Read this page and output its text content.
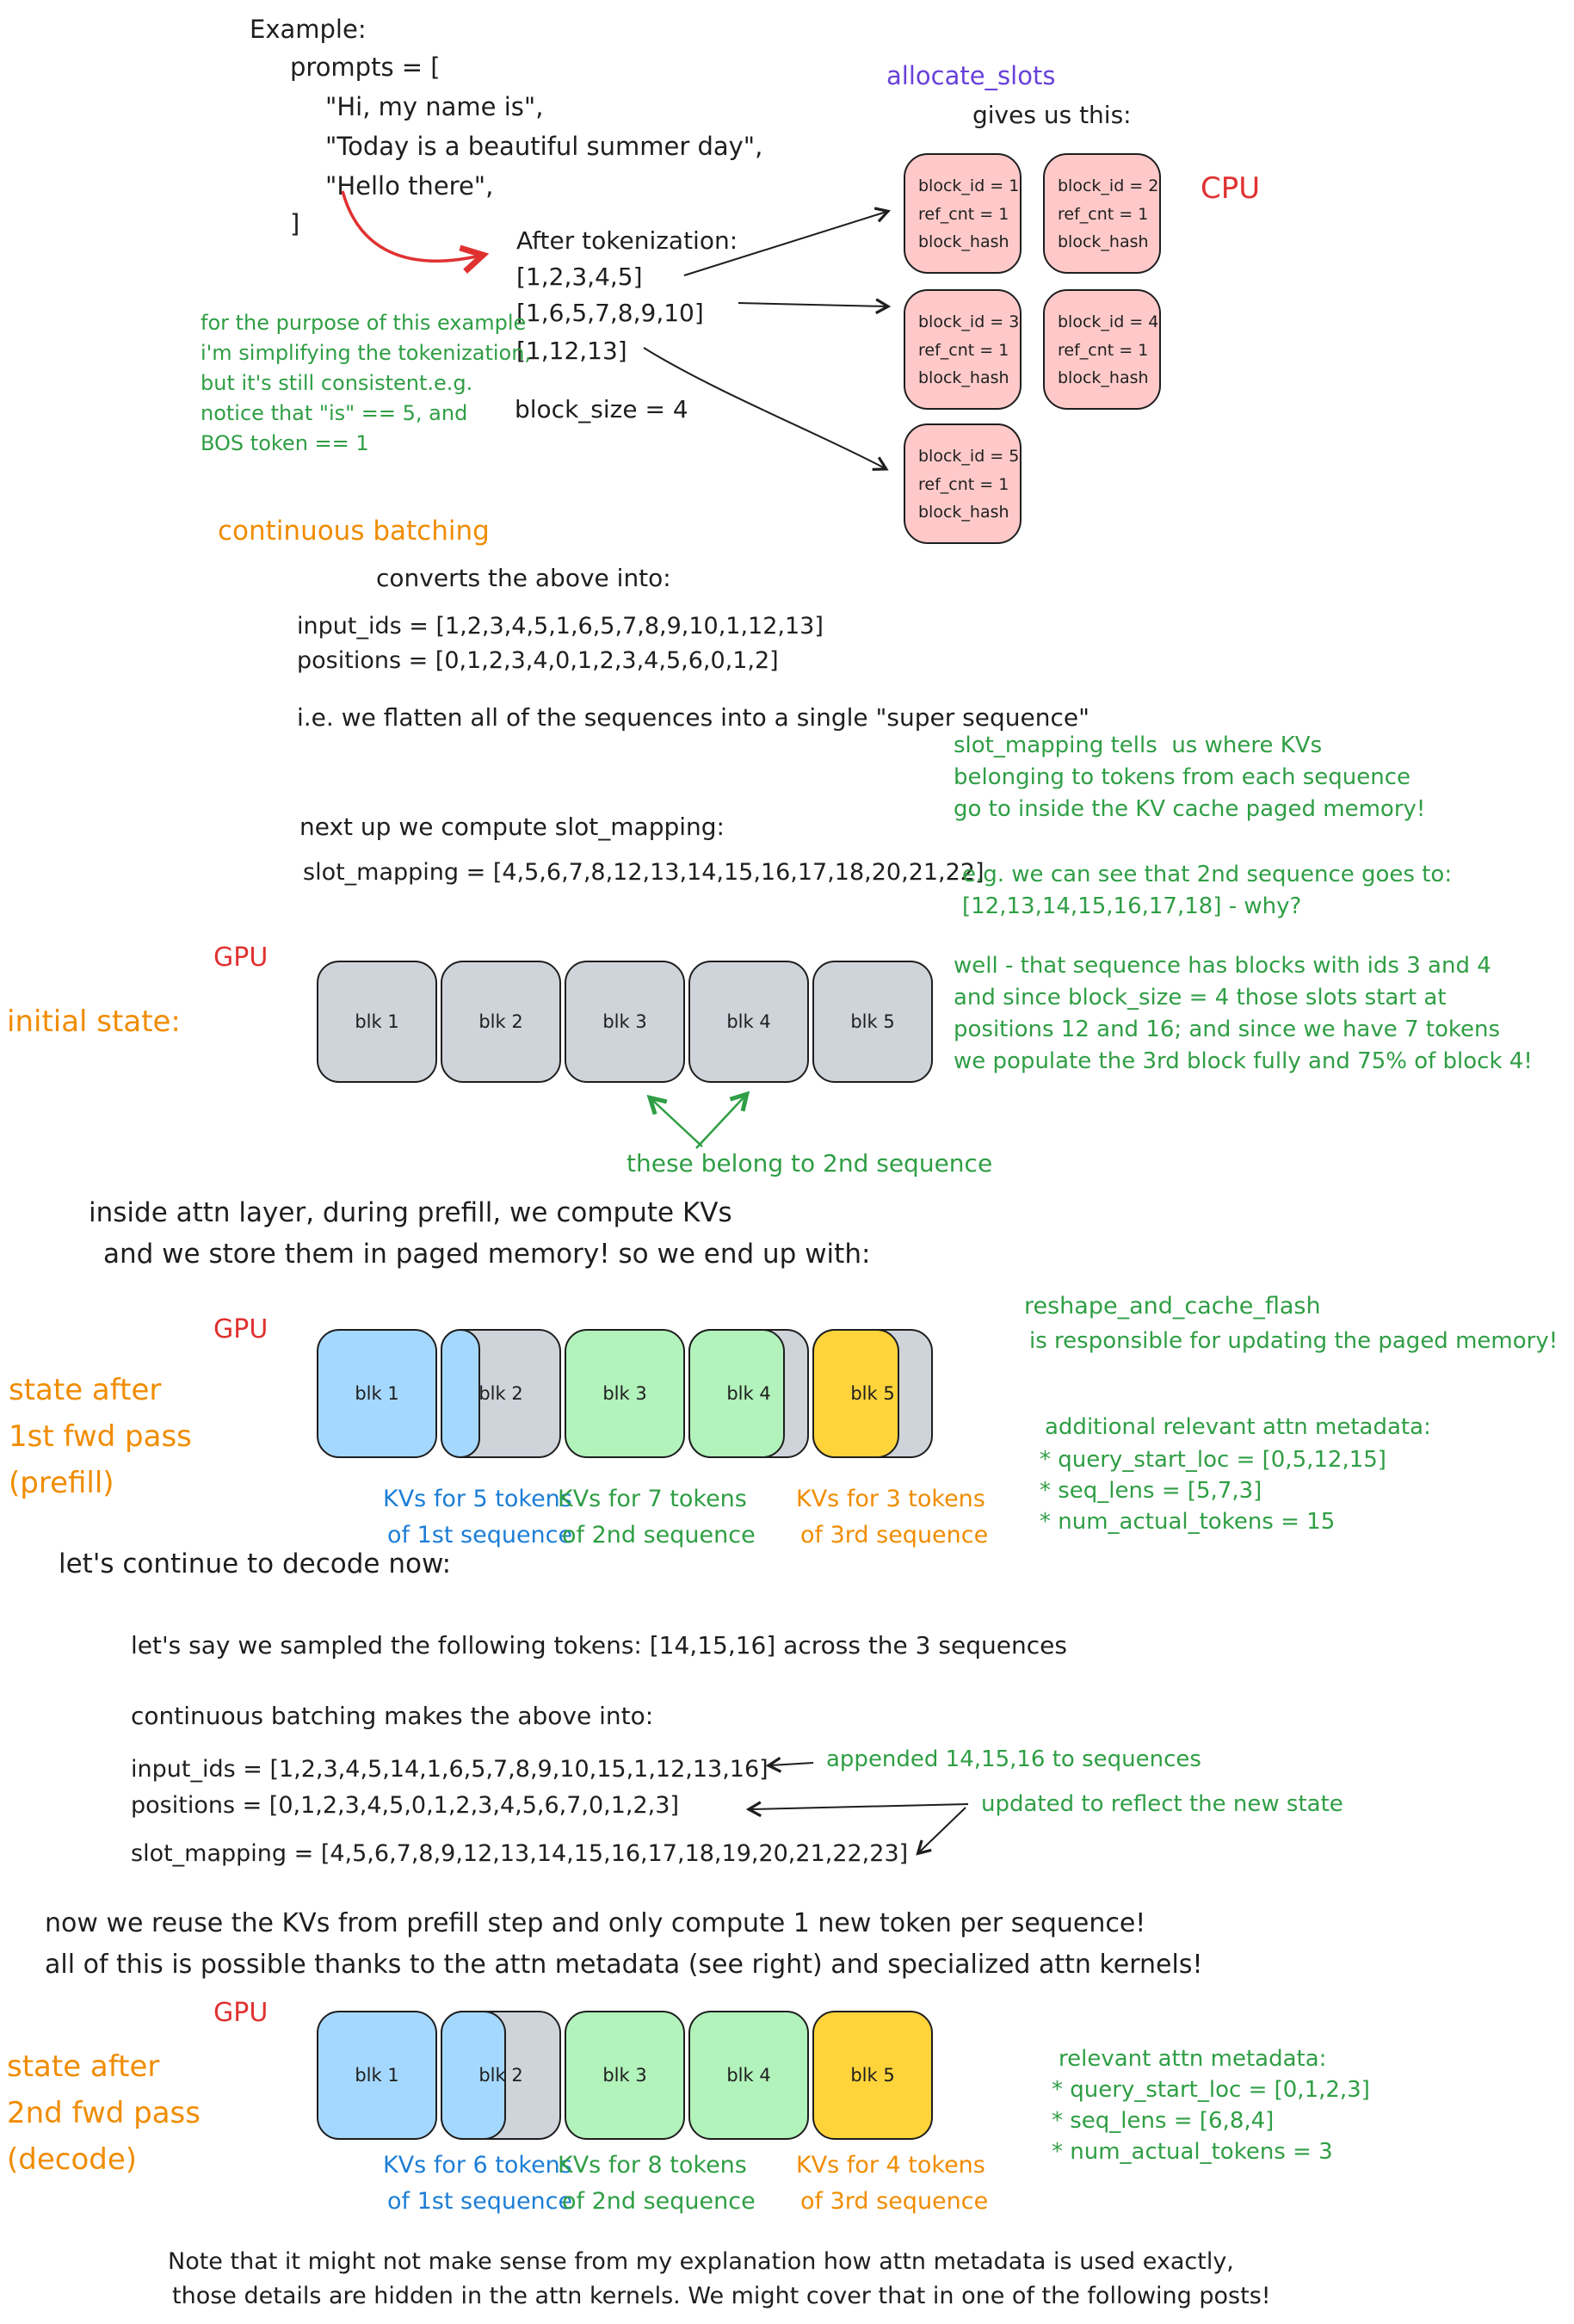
Example:
prompts = [
"Hi, my name is",
"Today is a beautiful summer day",
"Hello there",
]
allocate_slots
gives us this:
CPU
block_id = 1
ref_cnt = 1
block_hash
block_id = 2
ref_cnt = 1
block_hash
block_id = 3
ref_cnt = 1
block_hash
block_id = 4
ref_cnt = 1
block_hash
block_id = 5
ref_cnt = 1
block_hash
After tokenization:
[1,2,3,4,5]
[1,6,5,7,8,9,10]
[1,12,13]
block_size = 4
for the purpose of this example
i'm simplifying the tokenization,
but it's still consistent.e.g.
notice that "is" == 5, and
BOS token == 1
continuous batching
converts the above into:
input_ids = [1,2,3,4,5,1,6,5,7,8,9,10,1,12,13]
positions = [0,1,2,3,4,0,1,2,3,4,5,6,0,1,2]
i.e. we flatten all of the sequences into a single "super sequence"
slot_mapping tells  us where KVs
belonging to tokens from each sequence
go to inside the KV cache paged memory!
next up we compute slot_mapping:
slot_mapping = [4,5,6,7,8,12,13,14,15,16,17,18,20,21,22]
e.g. we can see that 2nd sequence goes to:
[12,13,14,15,16,17,18] - why?
GPU
initial state:	blk 1	blk 2	blk 3	blk 4	blk 5
well - that sequence has blocks with ids 3 and 4
and since block_size = 4 those slots start at
positions 12 and 16; and since we have 7 tokens
we populate the 3rd block fully and 75% of block 4!
these belong to 2nd sequence
inside attn layer, during prefill, we compute KVs
and we store them in paged memory! so we end up with:
GPU
state after
1st fwd pass
(prefill)
blk 1	blk 2	blk 3	blk 4	blk 5
KVs for 5 tokens
of 1st sequence
KVs for 7 tokens
of 2nd sequence
KVs for 3 tokens
of 3rd sequence
reshape_and_cache_flash
is responsible for updating the paged memory!
additional relevant attn metadata:
* query_start_loc = [0,5,12,15]
* seq_lens = [5,7,3]
* num_actual_tokens = 15
let's continue to decode now:
let's say we sampled the following tokens: [14,15,16] across the 3 sequences
continuous batching makes the above into:
input_ids = [1,2,3,4,5,14,1,6,5,7,8,9,10,15,1,12,13,16]
positions = [0,1,2,3,4,5,0,1,2,3,4,5,6,7,0,1,2,3]
slot_mapping = [4,5,6,7,8,9,12,13,14,15,16,17,18,19,20,21,22,23]
appended 14,15,16 to sequences
updated to reflect the new state
now we reuse the KVs from prefill step and only compute 1 new token per sequence!
all of this is possible thanks to the attn metadata (see right) and specialized attn kernels!
GPU
state after
2nd fwd pass
(decode)
blk 1	blk 2	blk 3	blk 4	blk 5
KVs for 6 tokens
of 1st sequence
KVs for 8 tokens
of 2nd sequence
KVs for 4 tokens
of 3rd sequence
relevant attn metadata:
* query_start_loc = [0,1,2,3]
* seq_lens = [6,8,4]
* num_actual_tokens = 3
Note that it might not make sense from my explanation how attn metadata is used exactly,
those details are hidden in the attn kernels. We might cover that in one of the following posts!
